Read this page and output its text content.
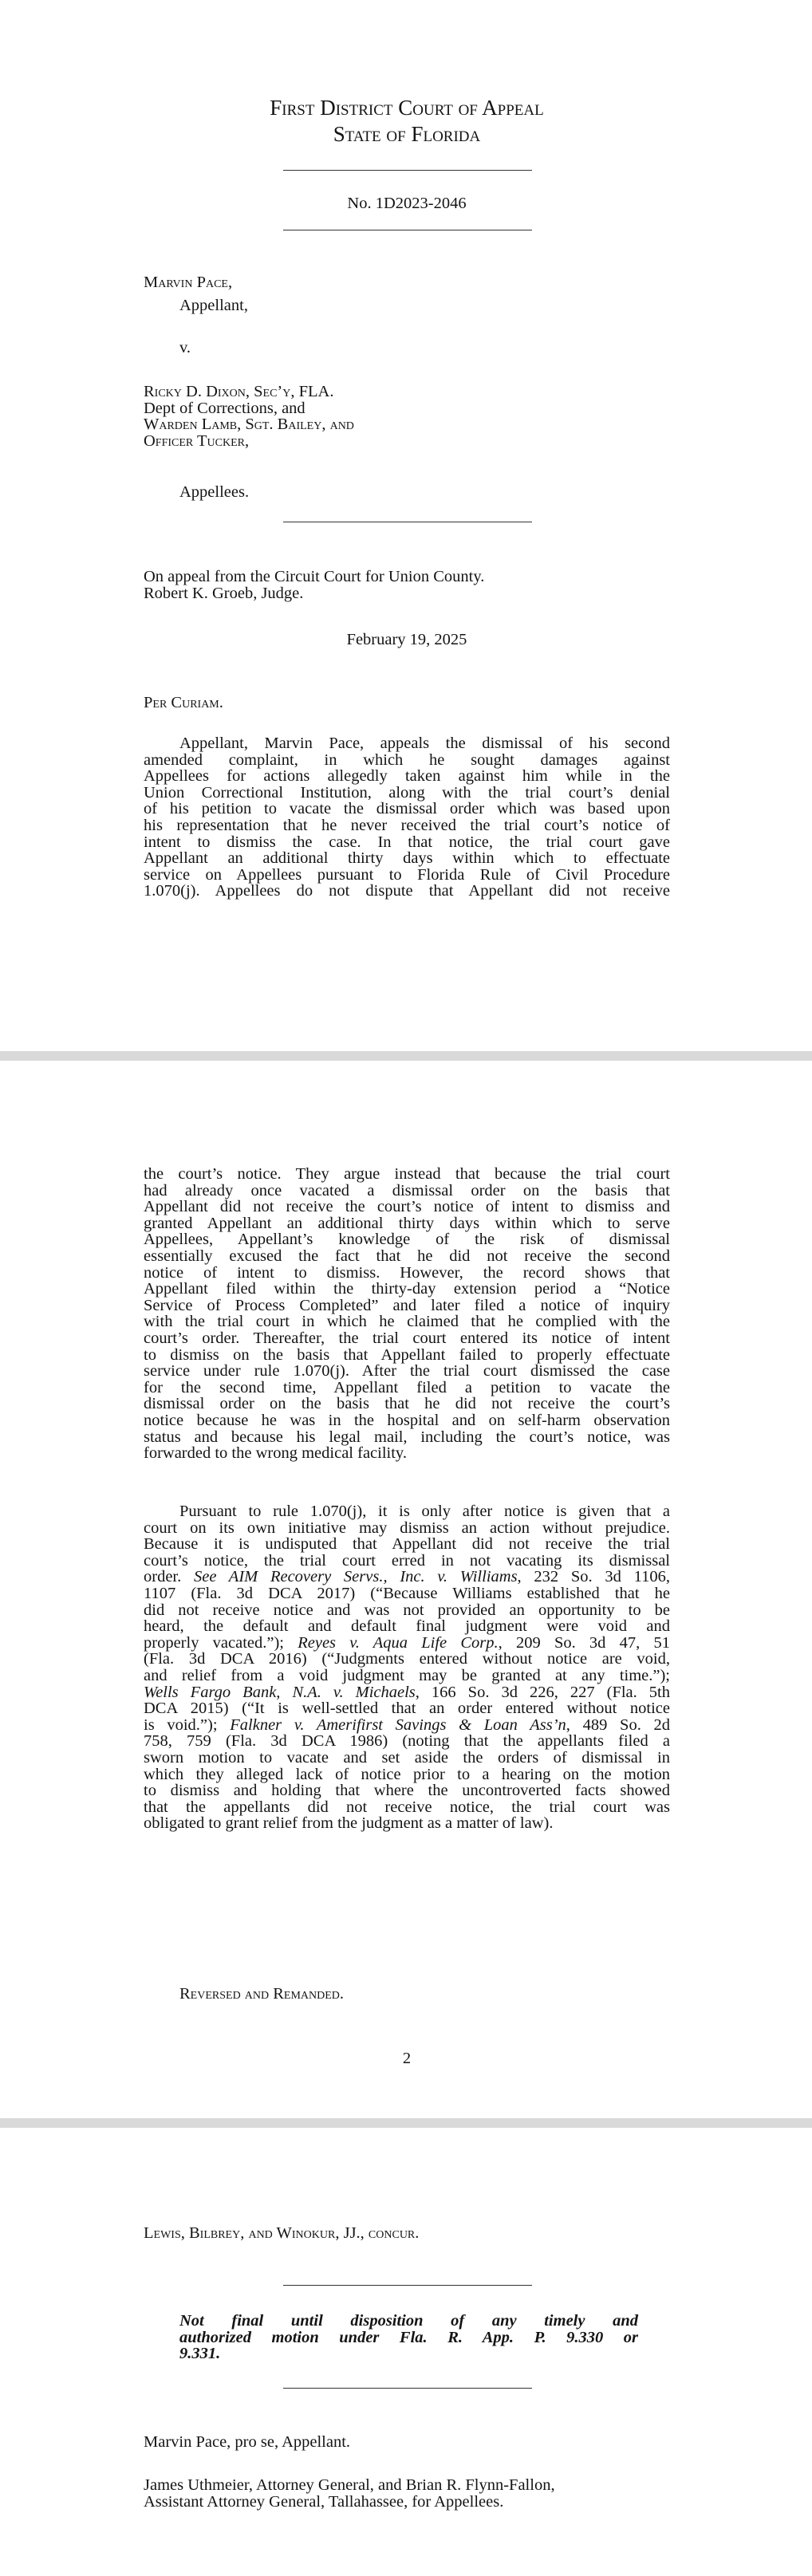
First District Court of Appeal
State of Florida
No. 1D2023-2046
Marvin Pace,
Appellant,
v.
Ricky D. Dixon, Sec’y, FLA.
Dept of Corrections, and
Warden Lamb, Sgt. Bailey, and
Officer Tucker,
Appellees.
On appeal from the Circuit Court for Union County.
Robert K. Groeb, Judge.
February 19, 2025
Per Curiam.
Appellant, Marvin Pace, appeals the dismissal of his second
amended complaint, in which he sought damages against
Appellees for actions allegedly taken against him while in the
Union Correctional Institution, along with the trial court’s denial
of his petition to vacate the dismissal order which was based upon
his representation that he never received the trial court’s notice of
intent to dismiss the case. In that notice, the trial court gave
Appellant an additional thirty days within which to effectuate
service on Appellees pursuant to Florida Rule of Civil Procedure
1.070(j). Appellees do not dispute that Appellant did not receive
the court’s notice. They argue instead that because the trial court
had already once vacated a dismissal order on the basis that
Appellant did not receive the court’s notice of intent to dismiss and
granted Appellant an additional thirty days within which to serve
Appellees, Appellant’s knowledge of the risk of dismissal
essentially excused the fact that he did not receive the second
notice of intent to dismiss. However, the record shows that
Appellant filed within the thirty-day extension period a “Notice
Service of Process Completed” and later filed a notice of inquiry
with the trial court in which he claimed that he complied with the
court’s order. Thereafter, the trial court entered its notice of intent
to dismiss on the basis that Appellant failed to properly effectuate
service under rule 1.070(j). After the trial court dismissed the case
for the second time, Appellant filed a petition to vacate the
dismissal order on the basis that he did not receive the court’s
notice because he was in the hospital and on self-harm observation
status and because his legal mail, including the court’s notice, was
forwarded to the wrong medical facility.
Pursuant to rule 1.070(j), it is only after notice is given that a
court on its own initiative may dismiss an action without prejudice.
Because it is undisputed that Appellant did not receive the trial
court’s notice, the trial court erred in not vacating its dismissal
order. See AIM Recovery Servs., Inc. v. Williams, 232 So. 3d 1106,
1107 (Fla. 3d DCA 2017) (“Because Williams established that he
did not receive notice and was not provided an opportunity to be
heard, the default and default final judgment were void and
properly vacated.”); Reyes v. Aqua Life Corp., 209 So. 3d 47, 51
(Fla. 3d DCA 2016) (“Judgments entered without notice are void,
and relief from a void judgment may be granted at any time.”);
Wells Fargo Bank, N.A. v. Michaels, 166 So. 3d 226, 227 (Fla. 5th
DCA 2015) (“It is well-settled that an order entered without notice
is void.”); Falkner v. Amerifirst Savings & Loan Ass’n, 489 So. 2d
758, 759 (Fla. 3d DCA 1986) (noting that the appellants filed a
sworn motion to vacate and set aside the orders of dismissal in
which they alleged lack of notice prior to a hearing on the motion
to dismiss and holding that where the uncontroverted facts showed
that the appellants did not receive notice, the trial court was
obligated to grant relief from the judgment as a matter of law).
Reversed and Remanded.
2
Lewis, Bilbrey, and Winokur, JJ., concur.
Not final until disposition of any timely and
authorized motion under Fla. R. App. P. 9.330 or
9.331.
Marvin Pace, pro se, Appellant.
James Uthmeier, Attorney General, and Brian R. Flynn-Fallon,
Assistant Attorney General, Tallahassee, for Appellees.
